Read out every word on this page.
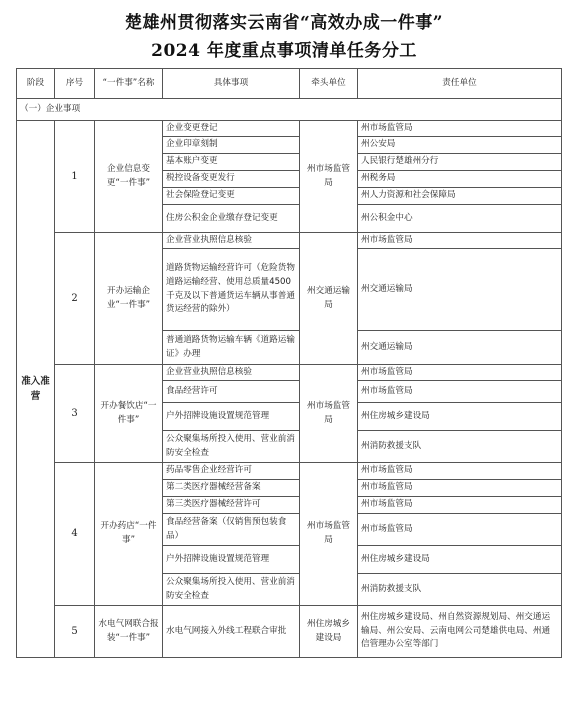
楚雄州贯彻落实云南省“高效办成一件事”
2024 年度重点事项清单任务分工
阶段	序号	“一件事”名称	具体事项	牵头单位	责任单位
（一）企业事项					
准入准营	1	企业信息变更“一件事”	企业变更登记	州市场监管局	州市场监管局
			企业印章刻制		州公安局
			基本账户变更		人民银行楚雄州分行
			税控设备变更发行		州税务局
			社会保险登记变更		州人力资源和社会保障局
			住房公积金企业缴存登记变更		州公积金中心
	2	开办运输企业“一件事”	企业营业执照信息核验	州交通运输局	州市场监管局
			道路货物运输经营许可（危险货物道路运输经营、使用总质量4500千克及以下普通货运车辆从事普通货运经营的除外）		州交通运输局
			普通道路货物运输车辆《道路运输证》办理		州交通运输局
	3	开办餐饮店“一件事”	企业营业执照信息核验	州市场监管局	州市场监管局
			食品经营许可		州市场监管局
			户外招牌设施设置规范管理		州住房城乡建设局
			公众聚集场所投入使用、营业前消防安全检查		州消防救援支队
	4	开办药店“一件事”	药品零售企业经营许可	州市场监管局	州市场监管局
			第二类医疗器械经营备案		州市场监管局
			第三类医疗器械经营许可		州市场监管局
			食品经营备案（仅销售预包装食品）		州市场监管局
			户外招牌设施设置规范管理		州住房城乡建设局
			公众聚集场所投入使用、营业前消防安全检查		州消防救援支队
	5	水电气网联合报装“一件事”	水电气网接入外线工程联合审批	州住房城乡建设局	州住房城乡建设局、州自然资源规划局、州交通运输局、州公安局、云南电网公司楚雄供电局、州通信管理办公室等部门
